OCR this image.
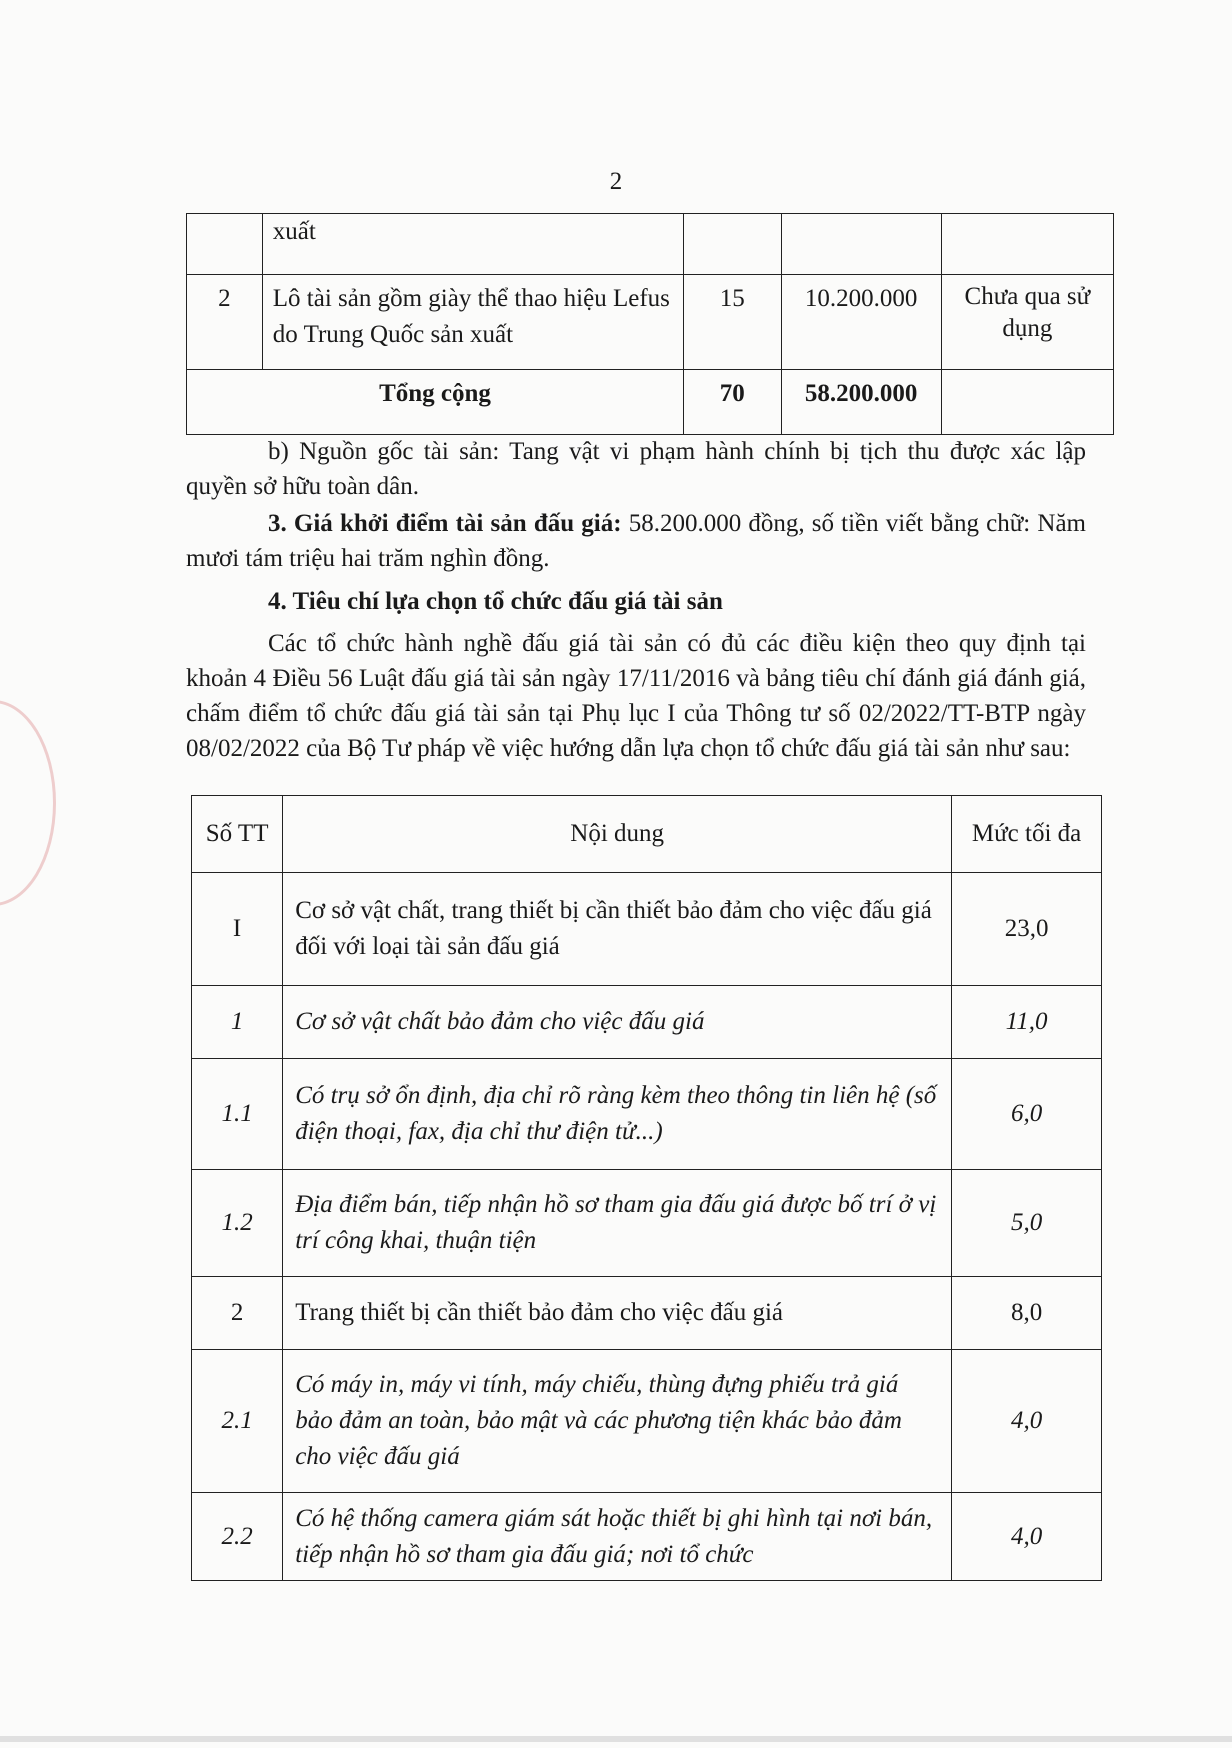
2
	xuất			
2	Lô tài sản gồm giày thể thao hiệu Lefus do Trung Quốc sản xuất	15	10.200.000	Chưa qua sử dụng
Tổng cộng		70	58.200.000	

b) Nguồn gốc tài sản: Tang vật vi phạm hành chính bị tịch thu được xác lập quyền sở hữu toàn dân.

3. Giá khởi điểm tài sản đấu giá: 58.200.000 đồng, số tiền viết bằng chữ: Năm mươi tám triệu hai trăm nghìn đồng.

4. Tiêu chí lựa chọn tổ chức đấu giá tài sản

Các tổ chức hành nghề đấu giá tài sản có đủ các điều kiện theo quy định tại khoản 4 Điều 56 Luật đấu giá tài sản ngày 17/11/2016 và bảng tiêu chí đánh giá đánh giá, chấm điểm tổ chức đấu giá tài sản tại Phụ lục I của Thông tư số 02/2022/TT-BTP ngày 08/02/2022 của Bộ Tư pháp về việc hướng dẫn lựa chọn tổ chức đấu giá tài sản như sau:

Số TT	Nội dung	Mức tối đa
I	Cơ sở vật chất, trang thiết bị cần thiết bảo đảm cho việc đấu giá đối với loại tài sản đấu giá	23,0
1	Cơ sở vật chất bảo đảm cho việc đấu giá	11,0
1.1	Có trụ sở ổn định, địa chỉ rõ ràng kèm theo thông tin liên hệ (số điện thoại, fax, địa chỉ thư điện tử...)	6,0
1.2	Địa điểm bán, tiếp nhận hồ sơ tham gia đấu giá được bố trí ở vị trí công khai, thuận tiện	5,0
2	Trang thiết bị cần thiết bảo đảm cho việc đấu giá	8,0
2.1	Có máy in, máy vi tính, máy chiếu, thùng đựng phiếu trả giá bảo đảm an toàn, bảo mật và các phương tiện khác bảo đảm cho việc đấu giá	4,0
2.2	Có hệ thống camera giám sát hoặc thiết bị ghi hình tại nơi bán, tiếp nhận hồ sơ tham gia đấu giá; nơi tổ chức	4,0
